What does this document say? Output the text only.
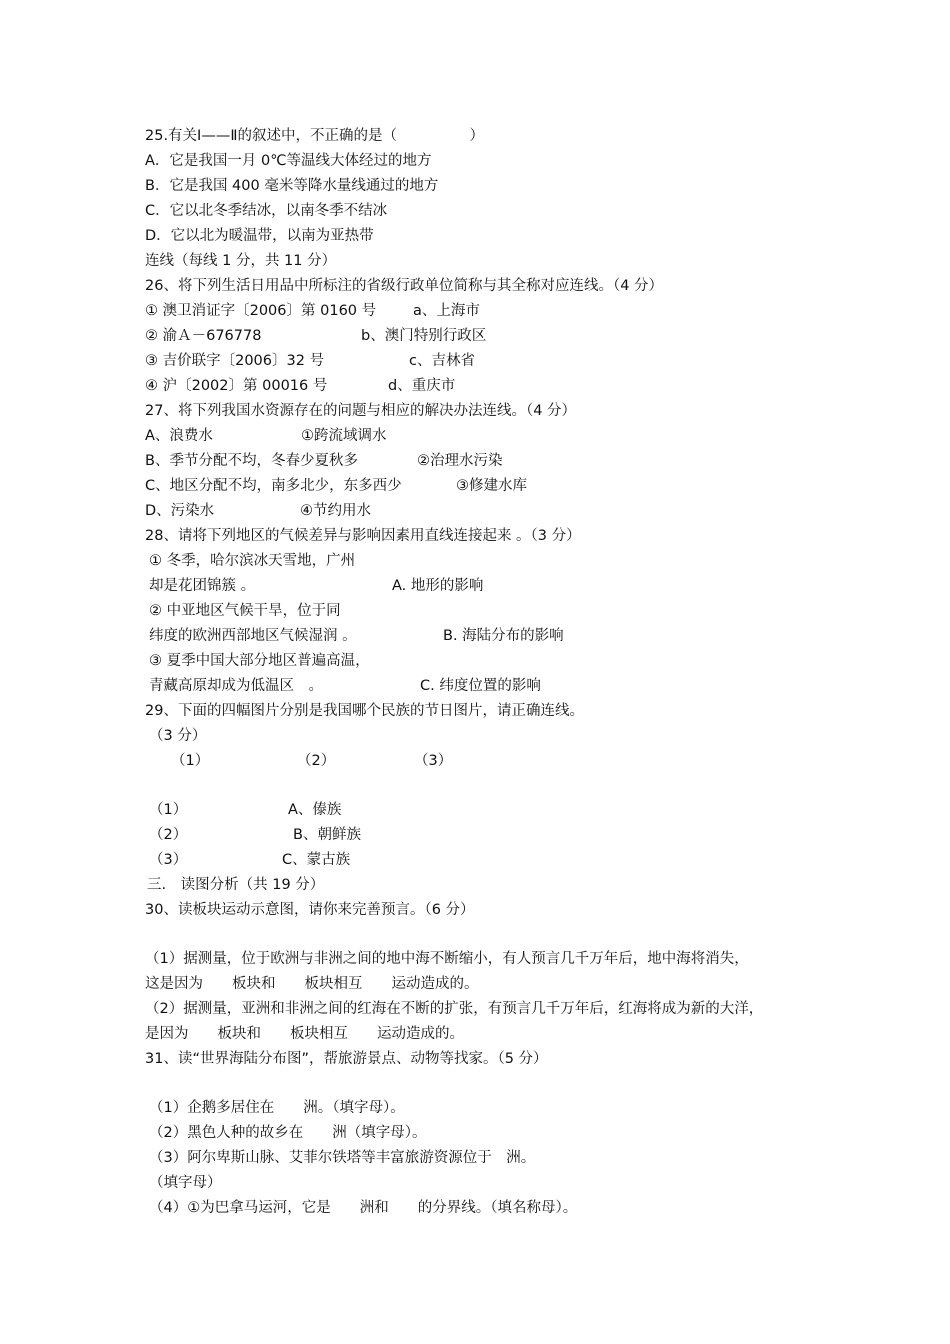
25.有关Ⅰ——Ⅱ的叙述中，不正确的是（　　　　　）
A．它是我国一月 0℃等温线大体经过的地方
B．它是我国 400 毫米等降水量线通过的地方
C．它以北冬季结冰，以南冬季不结冰
D．它以北为暖温带，以南为亚热带
连线（每线 1 分，共 11 分）
26、将下列生活日用品中所标注的省级行政单位简称与其全称对应连线。（4 分）
① 澳卫消证字〔2006〕第 0160 号	a、上海市
② 渝Ａ－676778	b、澳门特别行政区
③ 吉价联字〔2006〕32 号	c、吉林省
④ 沪〔2002〕第 00016 号	d、重庆市
27、将下列我国水资源存在的问题与相应的解决办法连线。（4 分）
A、浪费水	①跨流域调水
B、季节分配不均，冬春少夏秋多	②治理水污染
C、地区分配不均，南多北少，东多西少	③修建水库
D、污染水	④节约用水
28、请将下列地区的气候差异与影响因素用直线连接起来 。（3 分）
① 冬季，哈尔滨冰天雪地，广州
却是花团锦簇 。	A. 地形的影响
② 中亚地区气候干旱，位于同
纬度的欧洲西部地区气候湿润 。	B. 海陆分布的影响
③ 夏季中国大部分地区普遍高温，
青藏高原却成为低温区　。	C. 纬度位置的影响
29、下面的四幅图片分别是我国哪个民族的节日图片，请正确连线。
（3 分）
（1）	（2）	（3）
（1）	A、傣族
（2）	B、朝鲜族
（3）	C、蒙古族
三.　读图分析（共 19 分）
30、读板块运动示意图，请你来完善预言。（6 分）
（1）据测量，位于欧洲与非洲之间的地中海不断缩小，有人预言几千万年后，地中海将消失，
这是因为　　板块和　　板块相互　　运动造成的。
（2）据测量，亚洲和非洲之间的红海在不断的扩张，有预言几千万年后，红海将成为新的大洋，
是因为　　板块和　　板块相互　　运动造成的。
31、读“世界海陆分布图”，帮旅游景点、动物等找家。（5 分）
（1）企鹅多居住在　　洲。（填字母）。
（2）黑色人种的故乡在　　洲（填字母）。
（3）阿尔卑斯山脉、艾菲尔铁塔等丰富旅游资源位于　洲。
（填字母）
（4）①为巴拿马运河，它是　　洲和　　的分界线。（填名称母）。
